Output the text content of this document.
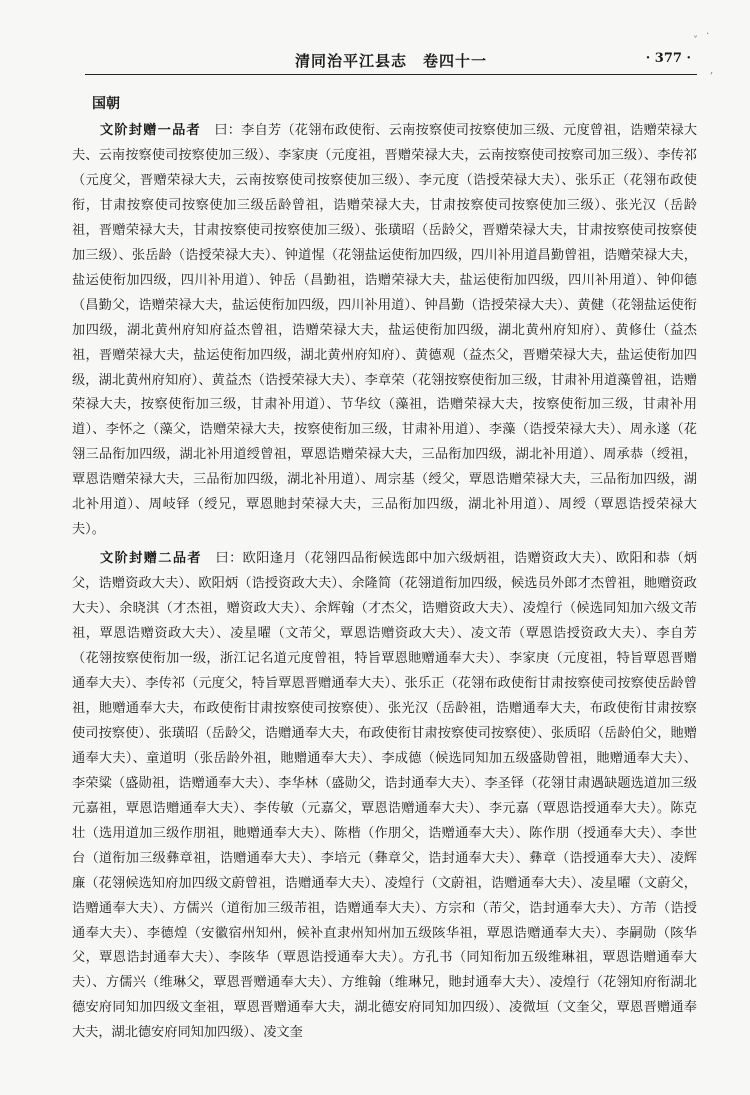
清同治平江县志　卷四十一	· 377 ·
国朝

文阶封赠一品者　曰：李自芳（花翎布政使衔、云南按察使司按察使加三级、元度曾祖，诰赠荣禄大夫、云南按察使司按察使加三级）、李家庚（元度祖，晋赠荣禄大夫，云南按察使司按察司加三级）、李传祁（元度父，晋赠荣禄大夫，云南按察使司按察使加三级）、李元度（诰授荣禄大夫）、张乐正（花翎布政使衔，甘肃按察使司按察使加三级岳龄曾祖，诰赠荣禄大夫，甘肃按察使司按察使加三级）、张光汉（岳龄祖，晋赠荣禄大夫，甘肃按察使司按察使加三级）、张璜昭（岳龄父，晋赠荣禄大夫，甘肃按察使司按察使加三级）、张岳龄（诰授荣禄大夫）、钟道惺（花翎盐运使衔加四级，四川补用道昌勤曾祖，诰赠荣禄大夫，盐运使衔加四级，四川补用道）、钟岳（昌勤祖，诰赠荣禄大夫，盐运使衔加四级，四川补用道）、钟仰德（昌勤父，诰赠荣禄大夫，盐运使衔加四级，四川补用道）、钟昌勤（诰授荣禄大夫）、黄健（花翎盐运使衔加四级，湖北黄州府知府益杰曾祖，诰赠荣禄大夫，盐运使衔加四级，湖北黄州府知府）、黄修仕（益杰祖，晋赠荣禄大夫，盐运使衔加四级，湖北黄州府知府）、黄德观（益杰父，晋赠荣禄大夫，盐运使衔加四级，湖北黄州府知府）、黄益杰（诰授荣禄大夫）、李章荣（花翎按察使衔加三级，甘肃补用道藻曾祖，诰赠荣禄大夫，按察使衔加三级，甘肃补用道）、节华纹（藻祖，诰赠荣禄大夫，按察使衔加三级，甘肃补用道）、李怀之（藻父，诰赠荣禄大夫，按察使衔加三级，甘肃补用道）、李藻（诰授荣禄大夫）、周永遂（花翎三品衔加四级，湖北补用道绶曾祖，覃恩诰赠荣禄大夫，三品衔加四级，湖北补用道）、周承恭（绶祖，覃恩诰赠荣禄大夫，三品衔加四级，湖北补用道）、周宗基（绶父，覃恩诰赠荣禄大夫，三品衔加四级，湖北补用道）、周岐铎（绶兄，覃恩貤封荣禄大夫，三品衔加四级，湖北补用道）、周绶（覃恩诰授荣禄大夫）。

文阶封赠二品者　曰：欧阳逢月（花翎四品衔候选郎中加六级炳祖，诰赠资政大夫）、欧阳和恭（炳父，诰赠资政大夫）、欧阳炳（诰授资政大夫）、余隆简（花翎道衔加四级，候选员外郎才杰曾祖，貤赠资政大夫）、余晓淇（才杰祖，赠资政大夫）、余辉翰（才杰父，诰赠资政大夫）、凌煌行（候选同知加六级文芾祖，覃恩诰赠资政大夫）、凌星曜（文芾父，覃恩诰赠资政大夫）、凌文芾（覃恩诰授资政大夫）、李自芳（花翎按察使衔加一级，浙江记名道元度曾祖，特旨覃恩貤赠通奉大夫）、李家庚（元度祖，特旨覃恩晋赠通奉大夫）、李传祁（元度父，特旨覃恩晋赠通奉大夫）、张乐正（花翎布政使衔甘肃按察使司按察使岳龄曾祖，貤赠通奉大夫，布政使衔甘肃按察使司按察使）、张光汉（岳龄祖，诰赠通奉大夫，布政使衔甘肃按察使司按察使）、张璜昭（岳龄父，诰赠通奉大夫，布政使衔甘肃按察使司按察使）、张质昭（岳龄伯父，貤赠通奉大夫）、童道明（张岳龄外祖，貤赠通奉大夫）、李成德（候选同知加五级盛勋曾祖，貤赠通奉大夫）、李荣粱（盛勋祖，诰赠通奉大夫）、李华林（盛勋父，诰封通奉大夫）、李圣铎（花翎甘肃遇缺题选道加三级元嘉祖，覃恩诰赠通奉大夫）、李传敏（元嘉父，覃恩诰赠通奉大夫）、李元嘉（覃恩诰授通奉大夫）。陈克壮（选用道加三级作朋祖，貤赠通奉大夫）、陈楷（作朋父，诰赠通奉大夫）、陈作朋（授通奉大夫）、李世台（道衔加三级彝章祖，诰赠通奉大夫）、李培元（彝章父，诰封通奉大夫）、彝章（诰授通奉大夫）、凌辉廉（花翎候选知府加四级文蔚曾祖，诰赠通奉大夫）、凌煌行（文蔚祖，诰赠通奉大夫）、凌星曜（文蔚父，诰赠通奉大夫）、方儒兴（道衔加三级芾祖，诰赠通奉大夫）、方宗和（芾父，诰封通奉大夫）、方芾（诰授通奉大夫）、李德煌（安徽宿州知州，候补直隶州知州加五级陔华祖，覃恩诰赠通奉大夫）、李嗣勋（陔华父，覃恩诰封通奉大夫）、李陔华（覃恩诰授通奉大夫）。方孔书（同知衔加五级维琳祖，覃恩诰赠通奉大夫）、方儒兴（维琳父，覃恩晋赠通奉大夫）、方维翰（维琳兄，貤封通奉大夫）、凌煌行（花翎知府衔湖北德安府同知加四级文奎祖，覃恩晋赠通奉大夫，湖北德安府同知加四级）、凌微垣（文奎父，覃恩晋赠通奉大夫，湖北德安府同知加四级）、凌文奎

ˇ
·
‚
